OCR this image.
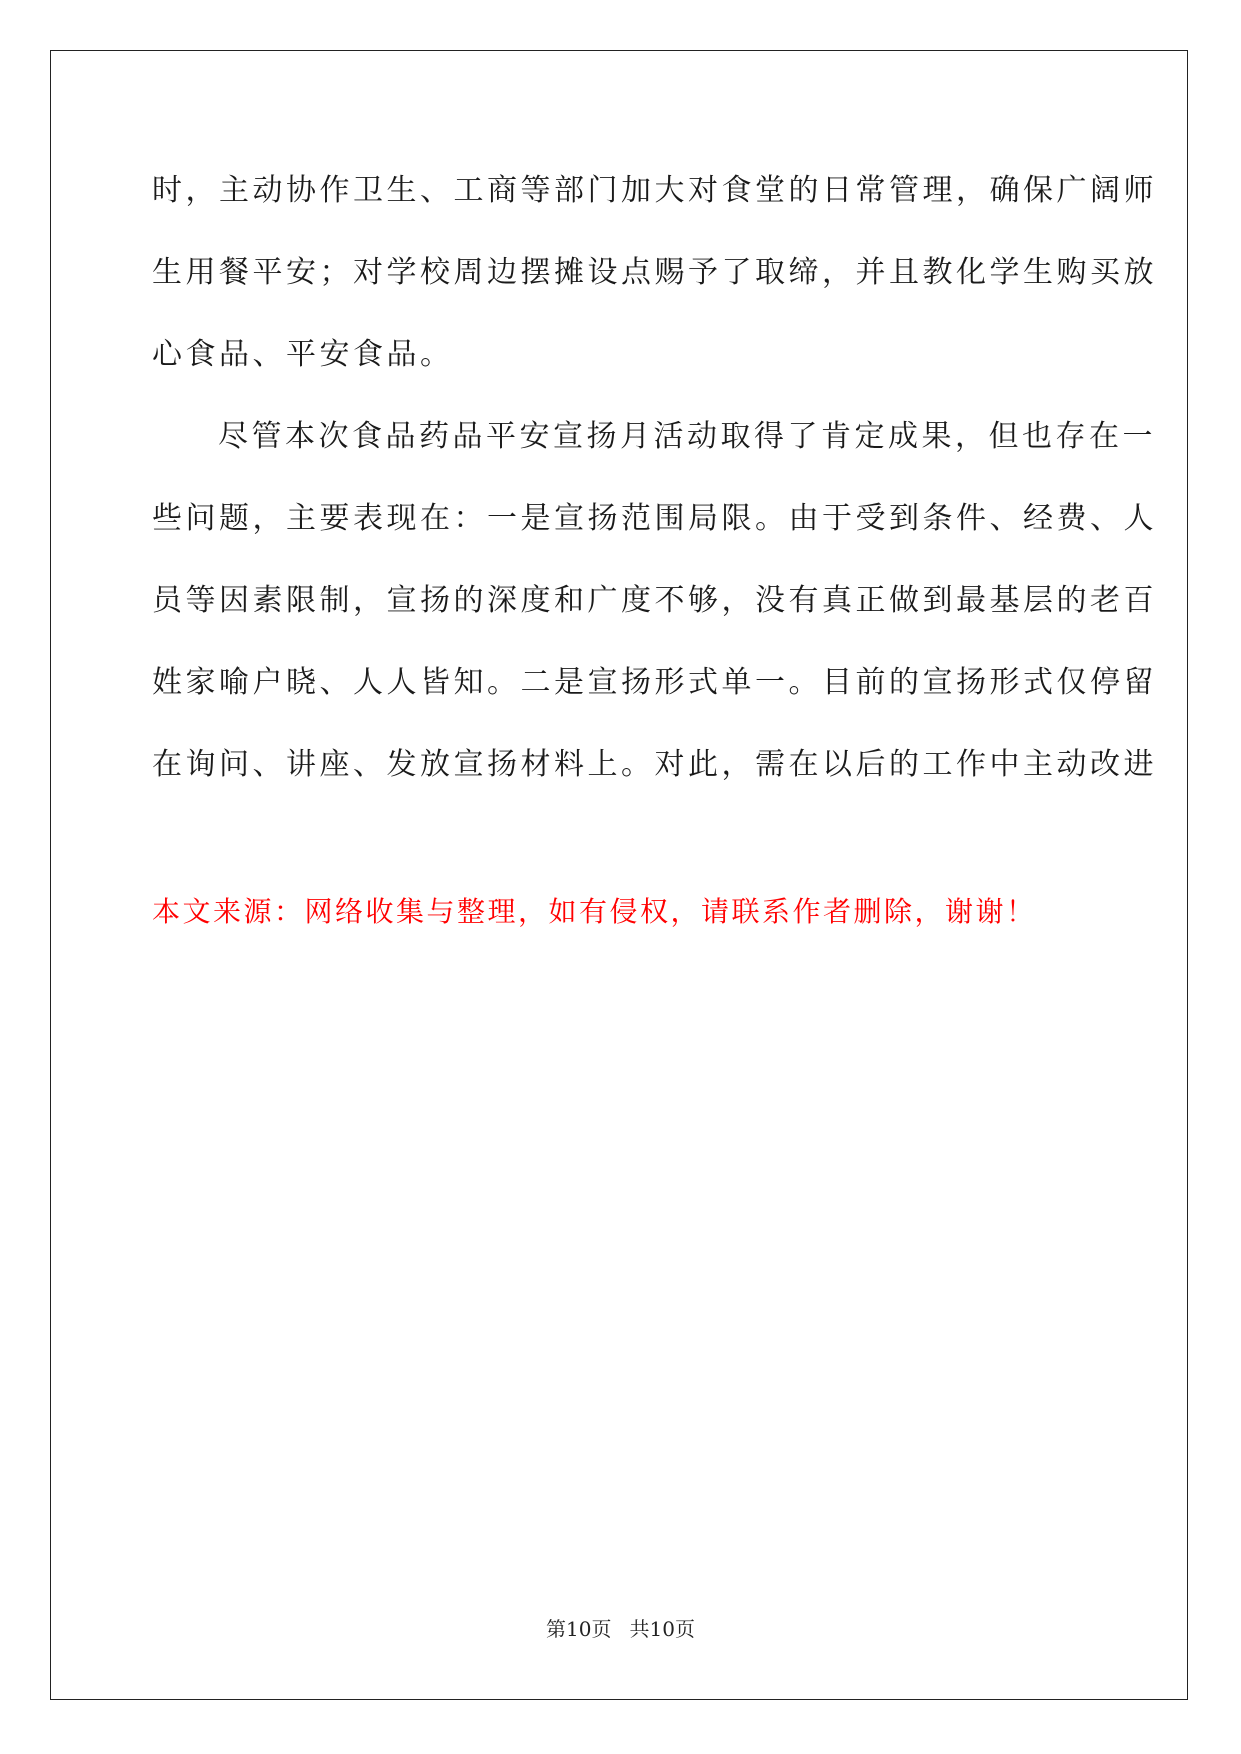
时，主动协作卫生、工商等部门加大对食堂的日常管理，确保广阔师
生用餐平安；对学校周边摆摊设点赐予了取缔，并且教化学生购买放
心食品、平安食品。
尽管本次食品药品平安宣扬月活动取得了肯定成果，但也存在一
些问题，主要表现在：一是宣扬范围局限。由于受到条件、经费、人
员等因素限制，宣扬的深度和广度不够，没有真正做到最基层的老百
姓家喻户晓、人人皆知。二是宣扬形式单一。目前的宣扬形式仅停留
在询问、讲座、发放宣扬材料上。对此，需在以后的工作中主动改进
本文来源：网络收集与整理，如有侵权，请联系作者删除，谢谢！
第10页 共10页
